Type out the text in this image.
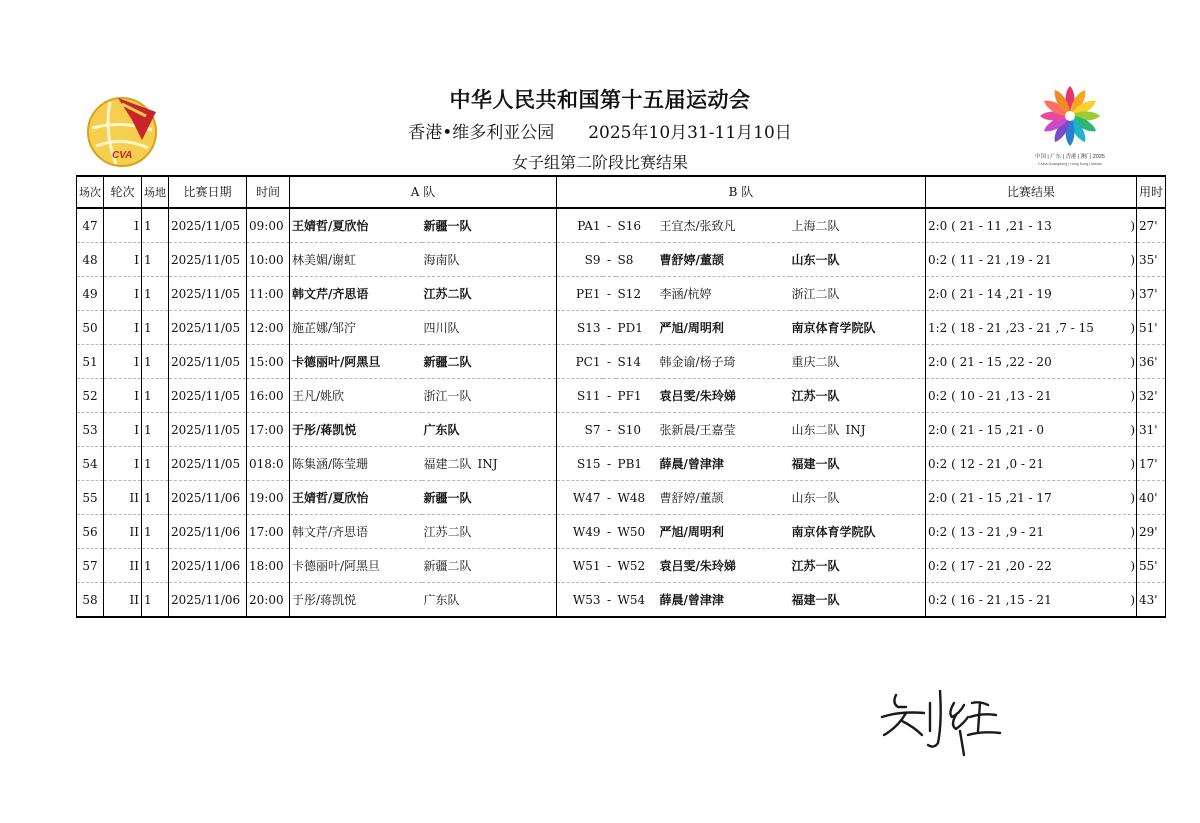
CVA	中国 | 广东 | 香港 | 澳门 2025
China Guangdong | Hong Kong | Macao
中华人民共和国第十五届运动会
香港•维多利亚公园 2025年10月31-11月10日
女子组第二阶段比赛结果
场次	轮次	场地	比赛日期	时间	A 队		B 队					比赛结果	用时
47	I	1	2025/11/05	09:00	王婧哲/夏欣怡	新疆一队	PA1	-	S16	王宜杰/张致凡	上海二队	2:0 ( 21 - 11 ,21 - 13 )	27'
48	I	1	2025/11/05	10:00	林美媚/谢虹	海南队	S9	-	S8	曹舒婷/董颉	山东一队	0:2 ( 11 - 21 ,19 - 21 )	35'
49	I	1	2025/11/05	11:00	韩文芹/齐思语	江苏二队	PE1	-	S12	李涵/杭婷	浙江二队	2:0 ( 21 - 14 ,21 - 19 )	37'
50	I	1	2025/11/05	12:00	施芷娜/邹泞	四川队	S13	-	PD1	严旭/周明利	南京体育学院队	1:2 ( 18 - 21 ,23 - 21 ,7 - 15 )	51'
51	I	1	2025/11/05	15:00	卡德丽叶/阿黑旦	新疆二队	PC1	-	S14	韩金谕/杨子琦	重庆二队	2:0 ( 21 - 15 ,22 - 20 )	36'
52	I	1	2025/11/05	16:00	王凡/姚欣	浙江一队	S11	-	PF1	袁吕雯/朱玲娣	江苏一队	0:2 ( 10 - 21 ,13 - 21 )	32'
53	I	1	2025/11/05	17:00	于彤/蒋凯悦	广东队	S7	-	S10	张新晨/王嘉莹	山东二队 INJ	2:0 ( 21 - 15 ,21 - 0 )	31'
54	I	1	2025/11/05	018:0	陈集涵/陈莹珊	福建二队 INJ	S15	-	PB1	薛晨/曾津津	福建一队	0:2 ( 12 - 21 ,0 - 21 )	17'
55	II	1	2025/11/06	19:00	王婧哲/夏欣怡	新疆一队	W47	-	W48	曹舒婷/董颉	山东一队	2:0 ( 21 - 15 ,21 - 17 )	40'
56	II	1	2025/11/06	17:00	韩文芹/齐思语	江苏二队	W49	-	W50	严旭/周明利	南京体育学院队	0:2 ( 13 - 21 ,9 - 21 )	29'
57	II	1	2025/11/06	18:00	卡德丽叶/阿黑旦	新疆二队	W51	-	W52	袁吕雯/朱玲娣	江苏一队	0:2 ( 17 - 21 ,20 - 22 )	55'
58	II	1	2025/11/06	20:00	于彤/蒋凯悦	广东队	W53	-	W54	薛晨/曾津津	福建一队	0:2 ( 16 - 21 ,15 - 21 )	43'
